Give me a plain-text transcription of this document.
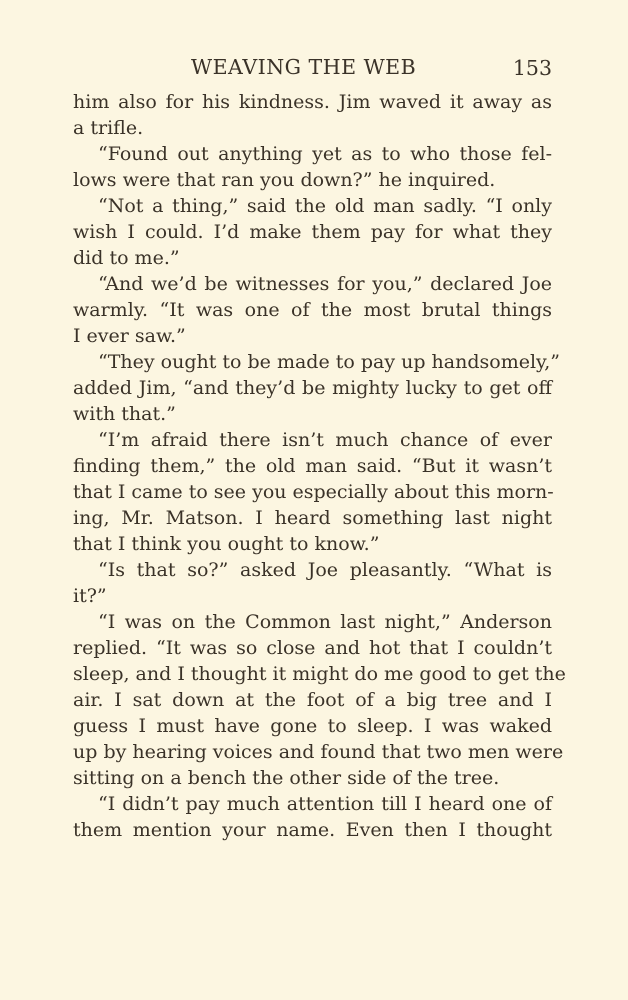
WEAVING THE WEB	153
him also for his kindness. Jim waved it away as
a trifle.
“Found out anything yet as to who those fel-
lows were that ran you down?” he inquired.
“Not a thing,” said the old man sadly. “I only
wish I could. I’d make them pay for what they
did to me.”
“And we’d be witnesses for you,” declared Joe
warmly. “It was one of the most brutal things
I ever saw.”
“They ought to be made to pay up handsomely,”
added Jim, “and they’d be mighty lucky to get off
with that.”
“I’m afraid there isn’t much chance of ever
finding them,” the old man said. “But it wasn’t
that I came to see you especially about this morn-
ing, Mr. Matson. I heard something last night
that I think you ought to know.”
“Is that so?” asked Joe pleasantly. “What is
it?”
“I was on the Common last night,” Anderson
replied. “It was so close and hot that I couldn’t
sleep, and I thought it might do me good to get the
air. I sat down at the foot of a big tree and I
guess I must have gone to sleep. I was waked
up by hearing voices and found that two men were
sitting on a bench the other side of the tree.
“I didn’t pay much attention till I heard one of
them mention your name. Even then I thought
